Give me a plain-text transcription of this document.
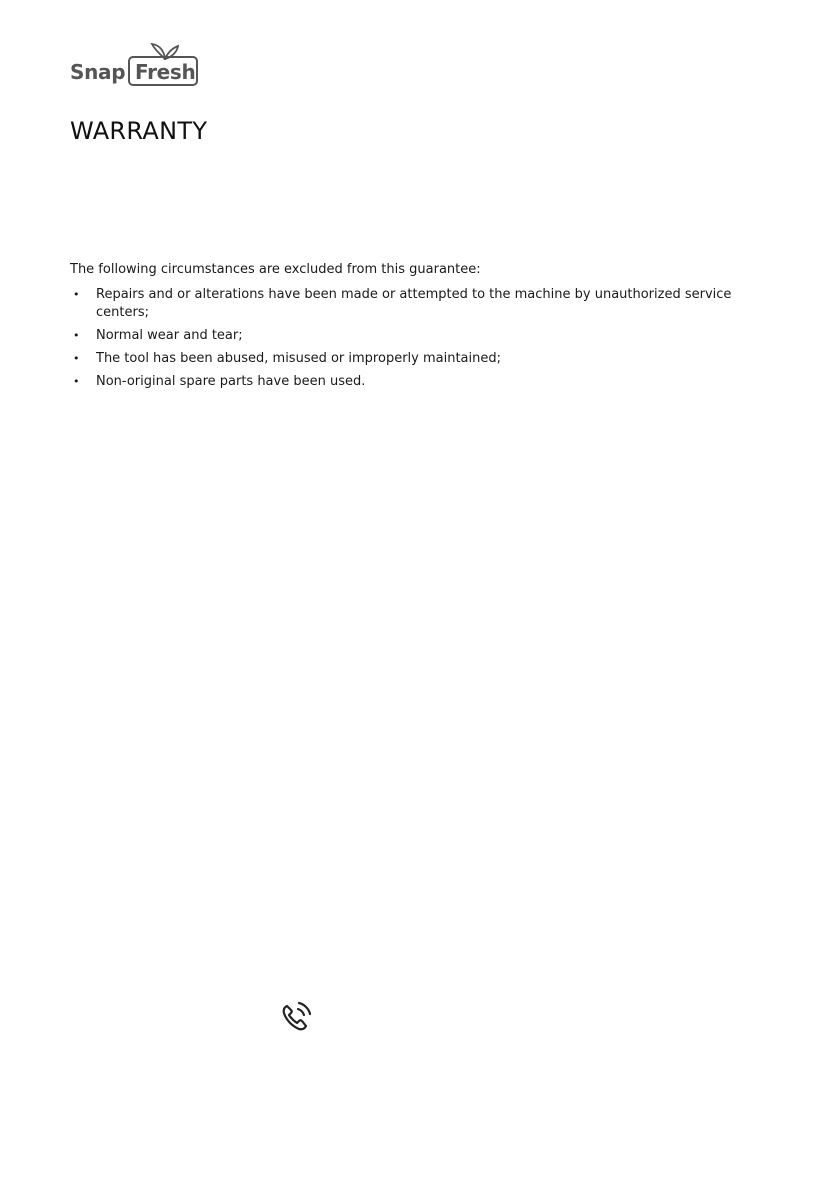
Snap Fresh
WARRANTY

The following circumstances are excluded from this guarantee:

• Repairs and or alterations have been made or attempted to the machine by unauthorized service centers;
• Normal wear and tear;
• The tool has been abused, misused or improperly maintained;
• Non-original spare parts have been used.
